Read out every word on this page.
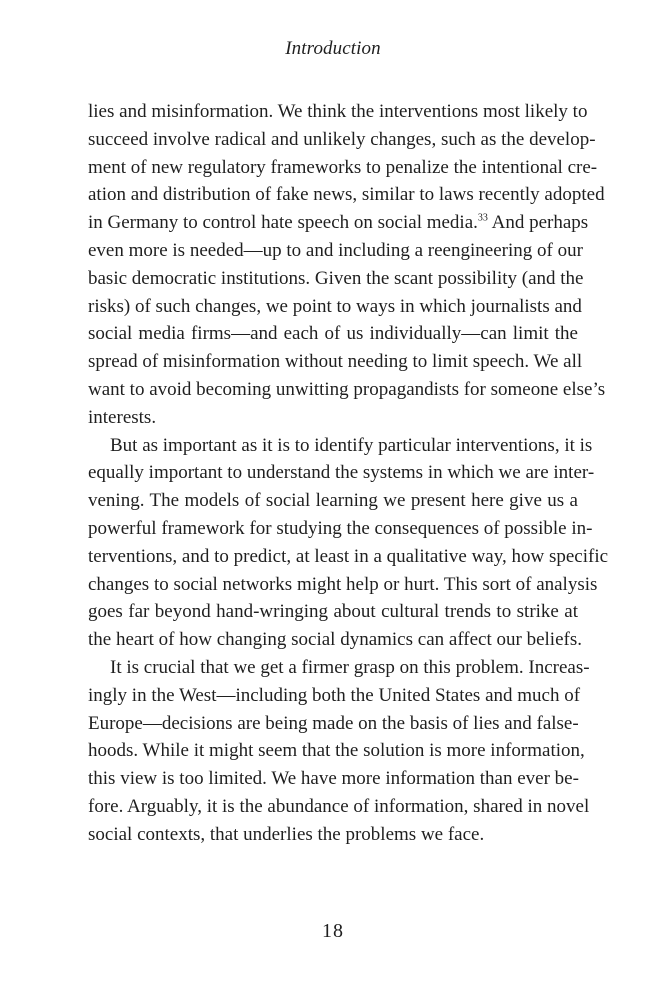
Introduction
lies and misinformation. We think the interventions most likely to
succeed involve radical and unlikely changes, such as the develop-
ment of new regulatory frameworks to penalize the intentional cre-
ation and distribution of fake news, similar to laws recently adopted
in Germany to control hate speech on social media.$^{33}$ And perhaps
even more is needed—up to and including a reengineering of our
basic democratic institutions. Given the scant possibility (and the
risks) of such changes, we point to ways in which journalists and
social media firms—and each of us individually—can limit the
spread of misinformation without needing to limit speech. We all
want to avoid becoming unwitting propagandists for someone else’s
interests.
But as important as it is to identify particular interventions, it is
equally important to understand the systems in which we are inter-
vening. The models of social learning we present here give us a
powerful framework for studying the consequences of possible in-
terventions, and to predict, at least in a qualitative way, how specific
changes to social networks might help or hurt. This sort of analysis
goes far beyond hand-wringing about cultural trends to strike at
the heart of how changing social dynamics can affect our beliefs.
It is crucial that we get a firmer grasp on this problem. Increas-
ingly in the West—including both the United States and much of
Europe—decisions are being made on the basis of lies and false-
hoods. While it might seem that the solution is more information,
this view is too limited. We have more information than ever be-
fore. Arguably, it is the abundance of information, shared in novel
social contexts, that underlies the problems we face.
18
